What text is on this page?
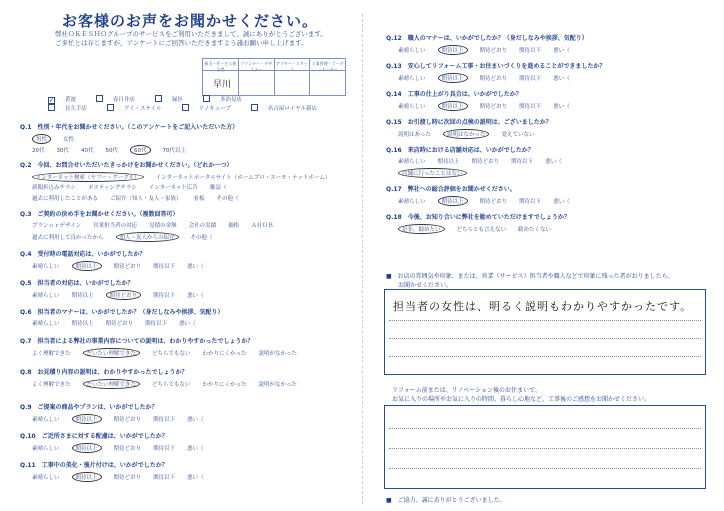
お客様のお声をお聞かせください。
弊社ＯＫＥＳＨＯグループのサービスをご利用いただきまして、誠にありがとうございます。
ご多忙とは存じますが、アンケートにご回答いただきますよう謹お願い申し上げます。
担当・サービス担当者
早川
プランナー・デザイナー
アフター・スタッフ
工事管理・コーディネーター
✓ 黄波	春日井店	緑区	多治見店
長久手店	アイ・ステイル	リノキューブ	名古屋ロイヤル新店
Q.1　性別・年代をお聞かせください。（このアンケートをご記入いただいた方）
男性	女性
20代 30代 40代 50代	60代	70代以上
Q.2　今回、お問合せいただいたきっかけをお聞かせください。（どれか一つ）
インターネット検索（ヤフー・グーグル）	インターネットポータルサイト（ホームプロ・スーモ・ナットホーム）
新聞折込みチラシ ポスティングチラシ インターネット広告 雑誌（
過去に利用したことがある ご紹介（知人・友人・家族） 看板 その他（
Q.3　ご契約の決め手をお聞かせください。（複数回答可）
プランｏｒデザイン 営業担当者の対応 見積の金額 会社の実績 価格 Ａ社ＯＢ
過去に利用して良かったから	知人・友人からの紹介	その他（
Q.4　受付時の電話対応は、いかがでしたか？
素晴らしい	期待以上	期待どおり 期待以下 悪い（
Q.5　担当者の対応は、いかがでしたか？
素晴らしい 期待以上	期待どおり	期待以下 悪い（
Q.6　担当者のマナーは、いかがでしたか？（身だしなみや挨拶、気配り）
素晴らしい 期待以上 期待どおり 期待以下 悪い（
Q.7　担当者による弊社の事業内容についての説明は、わかりやすかったでしょうか？
よく理解できた	だいたい理解できた	どちらでもない わかりにくかった 説明がなかった
Q.8　お見積り内容の説明は、わかりやすかったでしょうか？
よく理解できた	だいたい理解できた	どちらでもない わかりにくかった 説明がなかった
Q.9　ご提案の商品やプランは、いかがでしたか？
素晴らしい	期待以上	期待どおり 期待以下 悪い（
Q.10　ご近所さまに対する配慮は、いかがでしたか？
素晴らしい	期待以上	期待どおり 期待以下 悪い（
Q.11　工事中の美化・後片付けは、いかがでしたか？
素晴らしい	期待以上	期待どおり 期待以下 悪い（
Q.12　職人のマナーは、いかがでしたか？（身だしなみや挨拶、気配り）
素晴らしい	期待以上	期待どおり 期待以下 悪い（
Q.13　安心してリフォーム工事・お住まいづくりを進めることができましたか？
素晴らしい	期待以上	期待どおり 期待以下 悪い（
Q.14　工事の仕上がり具合は、いかがでしたか？
素晴らしい	期待以上	期待どおり 期待以下 悪い（
Q.15　お引渡し時に次回の点検の説明は、ございましたか？
説明はあった	説明はなかった	覚えていない
Q.16　来店時における店舗対応は、いかがでしたか？
素晴らしい 期待以上 期待どおり 期待以下 悪い（
店舗に行ったことはない
Q.17　弊社への総合評価をお聞かせください。
素晴らしい	期待以上	期待どおり 期待以下 悪い（
Q.18　今後、お知り合いに弊社を勧めていただけますでしょうか？
是非、勧めたい	どちらとも言えない 勧めたくない
■　お店の雰囲気や印象、または、営業（サービス）担当者や職人などで印象に残った者がおりましたら、
　　お聞かせください。
担当者の女性は、明るく説明もわかりやすかったです。
　リフォーム前または、リノベーション後のお住まいで、
　お気に入りの場所やお気に入りの時間、暮らし心地など、工事後のご感想をお聞かせください。
■　ご協力、誠にありがとうございました。
